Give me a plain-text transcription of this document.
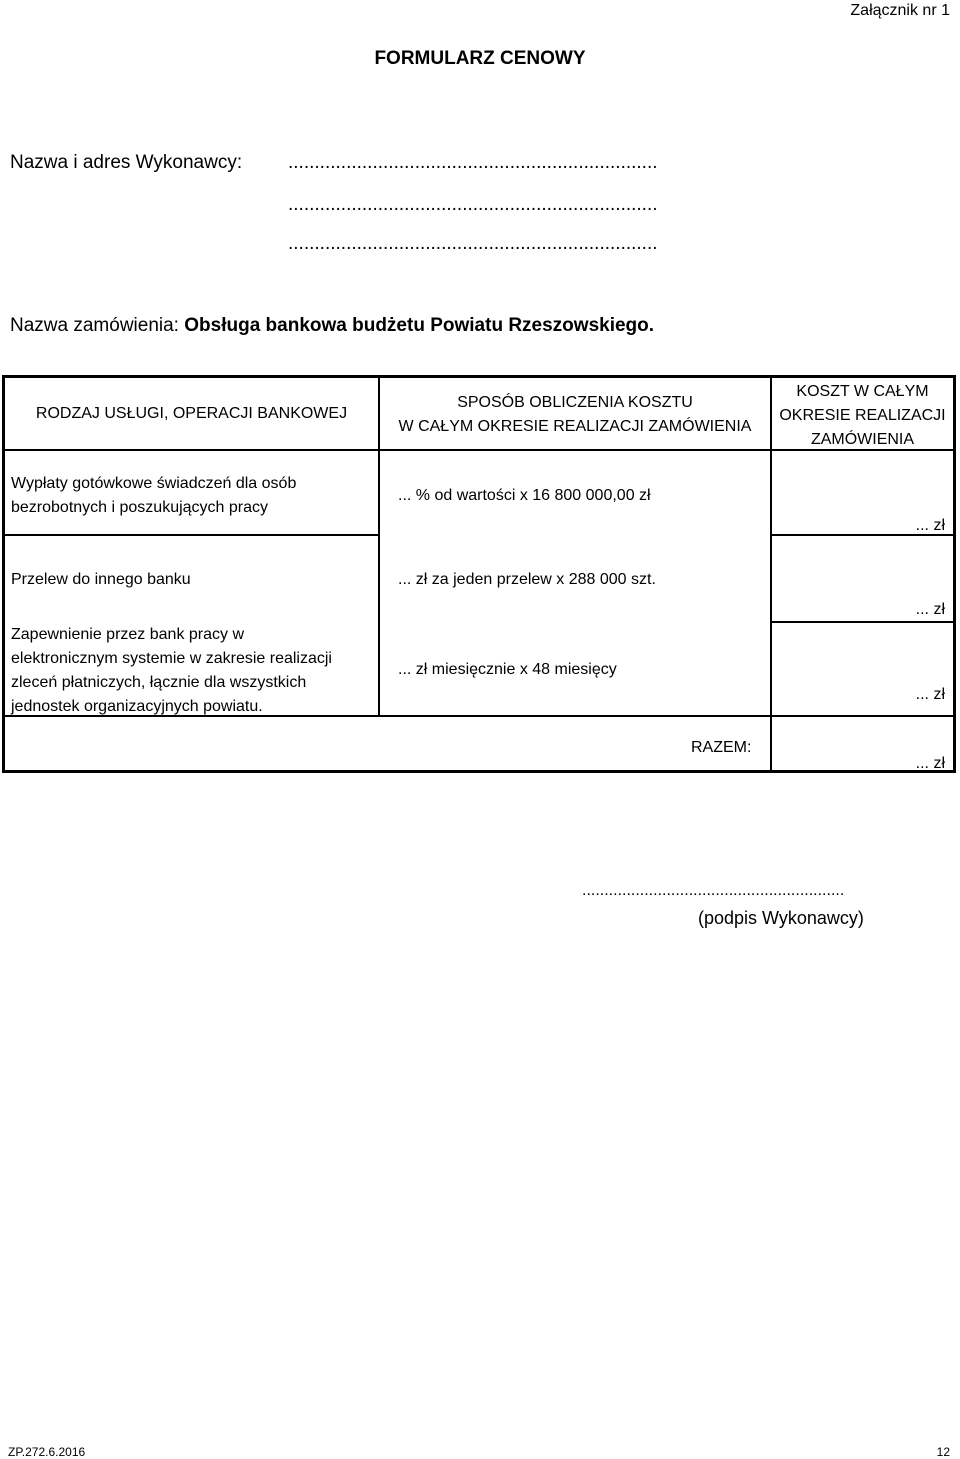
Załącznik nr 1
FORMULARZ CENOWY
Nazwa i adres Wykonawcy: ......................................................................
......................................................................
......................................................................
Nazwa zamówienia: Obsługa bankowa budżetu Powiatu Rzeszowskiego.
RODZAJ USŁUGI, OPERACJI BANKOWEJ
SPOSÓB OBLICZENIA KOSZTU
W CAŁYM OKRESIE REALIZACJI ZAMÓWIENIA
KOSZT W CAŁYM
OKRESIE REALIZACJI
ZAMÓWIENIA
Wypłaty gotówkowe świadczeń dla osób
bezrobotnych i poszukujących pracy
... % od wartości x 16 800 000,00 zł
... zł
Przelew do innego banku	... zł za jeden przelew x 288 000 szt.
... zł
Zapewnienie przez bank pracy w
elektronicznym systemie w zakresie realizacji
zleceń płatniczych, łącznie dla wszystkich
jednostek organizacyjnych powiatu.
... zł miesięcznie x 48 miesięcy
... zł
RAZEM:
... zł
...........................................................
(podpis Wykonawcy)
ZP.272.6.2016	12
